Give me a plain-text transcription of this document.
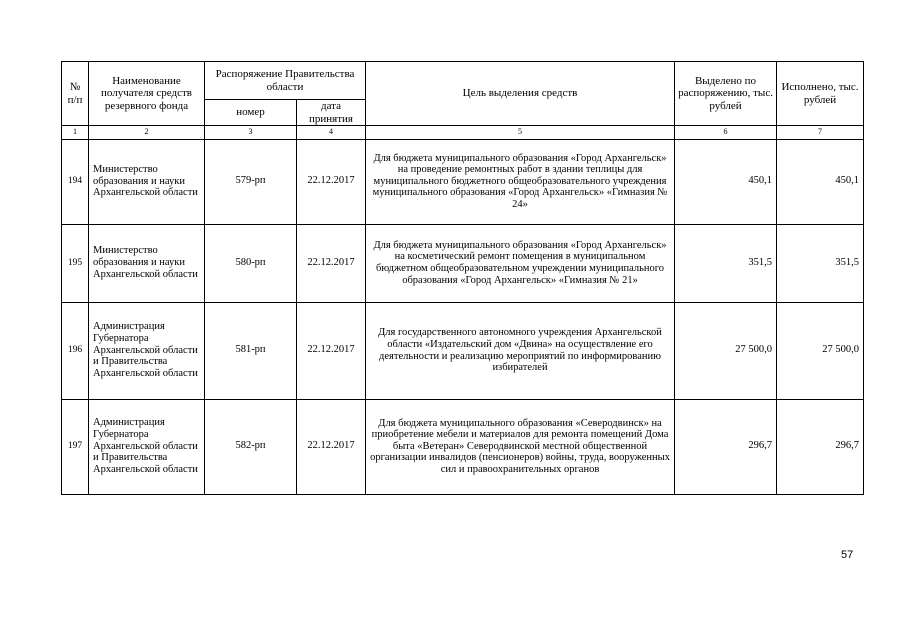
№ п/п	Наименование получателя средств резервного фонда	Распоряжение Правительства области		Цель выделения средств	Выделено по распоряжению, тыс. рублей	Исполнено, тыс. рублей
		номер	дата принятия			
1	2	3	4	5	6	7
194	Министерство образования и науки Архангельской области	579-рп	22.12.2017	Для бюджета муниципального образования «Город Архангельск» на проведение ремонтных работ в здании теплицы для муниципального бюджетного общеобразовательного учреждения муниципального образования «Город Архангельск» «Гимназия № 24»	450,1	450,1
195	Министерство образования и науки Архангельской области	580-рп	22.12.2017	Для бюджета муниципального образования «Город Архангельск» на косметический ремонт помещения в муниципальном бюджетном общеобразовательном учреждении муниципального образования «Город Архангельск» «Гимназия № 21»	351,5	351,5
196	Администрация Губернатора Архангельской области и Правительства Архангельской области	581-рп	22.12.2017	Для государственного автономного учреждения Архангельской области «Издательский дом «Двина» на осуществление его деятельности и реализацию мероприятий по информированию избирателей	27 500,0	27 500,0
197	Администрация Губернатора Архангельской области и Правительства Архангельской области	582-рп	22.12.2017	Для бюджета муниципального образования «Северодвинск» на приобретение мебели и материалов для ремонта помещений Дома быта «Ветеран» Северодвинской местной общественной организации инвалидов (пенсионеров) войны, труда, вооруженных сил и правоохранительных органов	296,7	296,7
57
